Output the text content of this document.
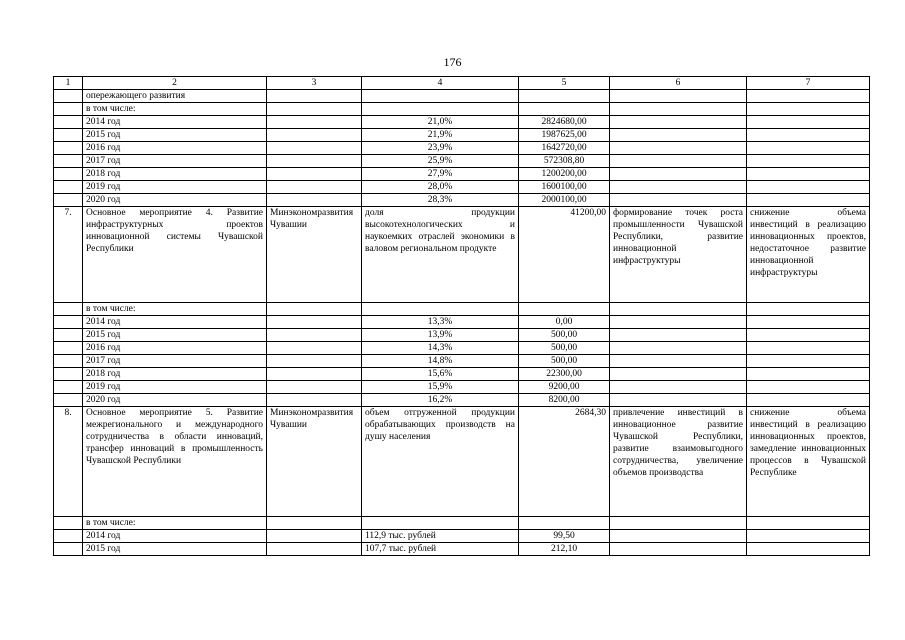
176
1	2	3	4	5	6	7
	опережающего развития					
	в том числе:					
	2014 год		21,0%	2824680,00		
	2015 год		21,9%	1987625,00		
	2016 год		23,9%	1642720,00		
	2017 год		25,9%	572308,80		
	2018 год		27,9%	1200200,00		
	2019 год		28,0%	1600100,00		
	2020 год		28,3%	2000100,00		
7.	Основное мероприятие 4. Развитие инфраструктурных проектов инновационной системы Чувашской Республики	Минэкономразвития Чувашии	доля продукции высокотехнологических и наукоемких отраслей экономики в валовом региональном продукте	41200,00	формирование точек роста промышленности Чувашской Республики, развитие инновационной инфраструктуры	снижение объема инвестиций в реализацию инновационных проектов, недостаточное развитие инновационной инфраструктуры
	в том числе:					
	2014 год		13,3%	0,00		
	2015 год		13,9%	500,00		
	2016 год		14,3%	500,00		
	2017 год		14,8%	500,00		
	2018 год		15,6%	22300,00		
	2019 год		15,9%	9200,00		
	2020 год		16,2%	8200,00		
8.	Основное мероприятие 5. Развитие межрегионального и международного сотрудничества в области инноваций, трансфер инноваций в промышленность Чувашской Республики	Минэкономразвития Чувашии	объем отгруженной продукции обрабатывающих производств на душу населения	2684,30	привлечение инвестиций в инновационное развитие Чувашской Республики, развитие взаимовыгодного сотрудничества, увеличение объемов производства	снижение объема инвестиций в реализацию инновационных проектов, замедление инновационных процессов в Чувашской Республике
	в том числе:					
	2014 год		112,9 тыс. рублей	99,50		
	2015 год		107,7 тыс. рублей	212,10		
